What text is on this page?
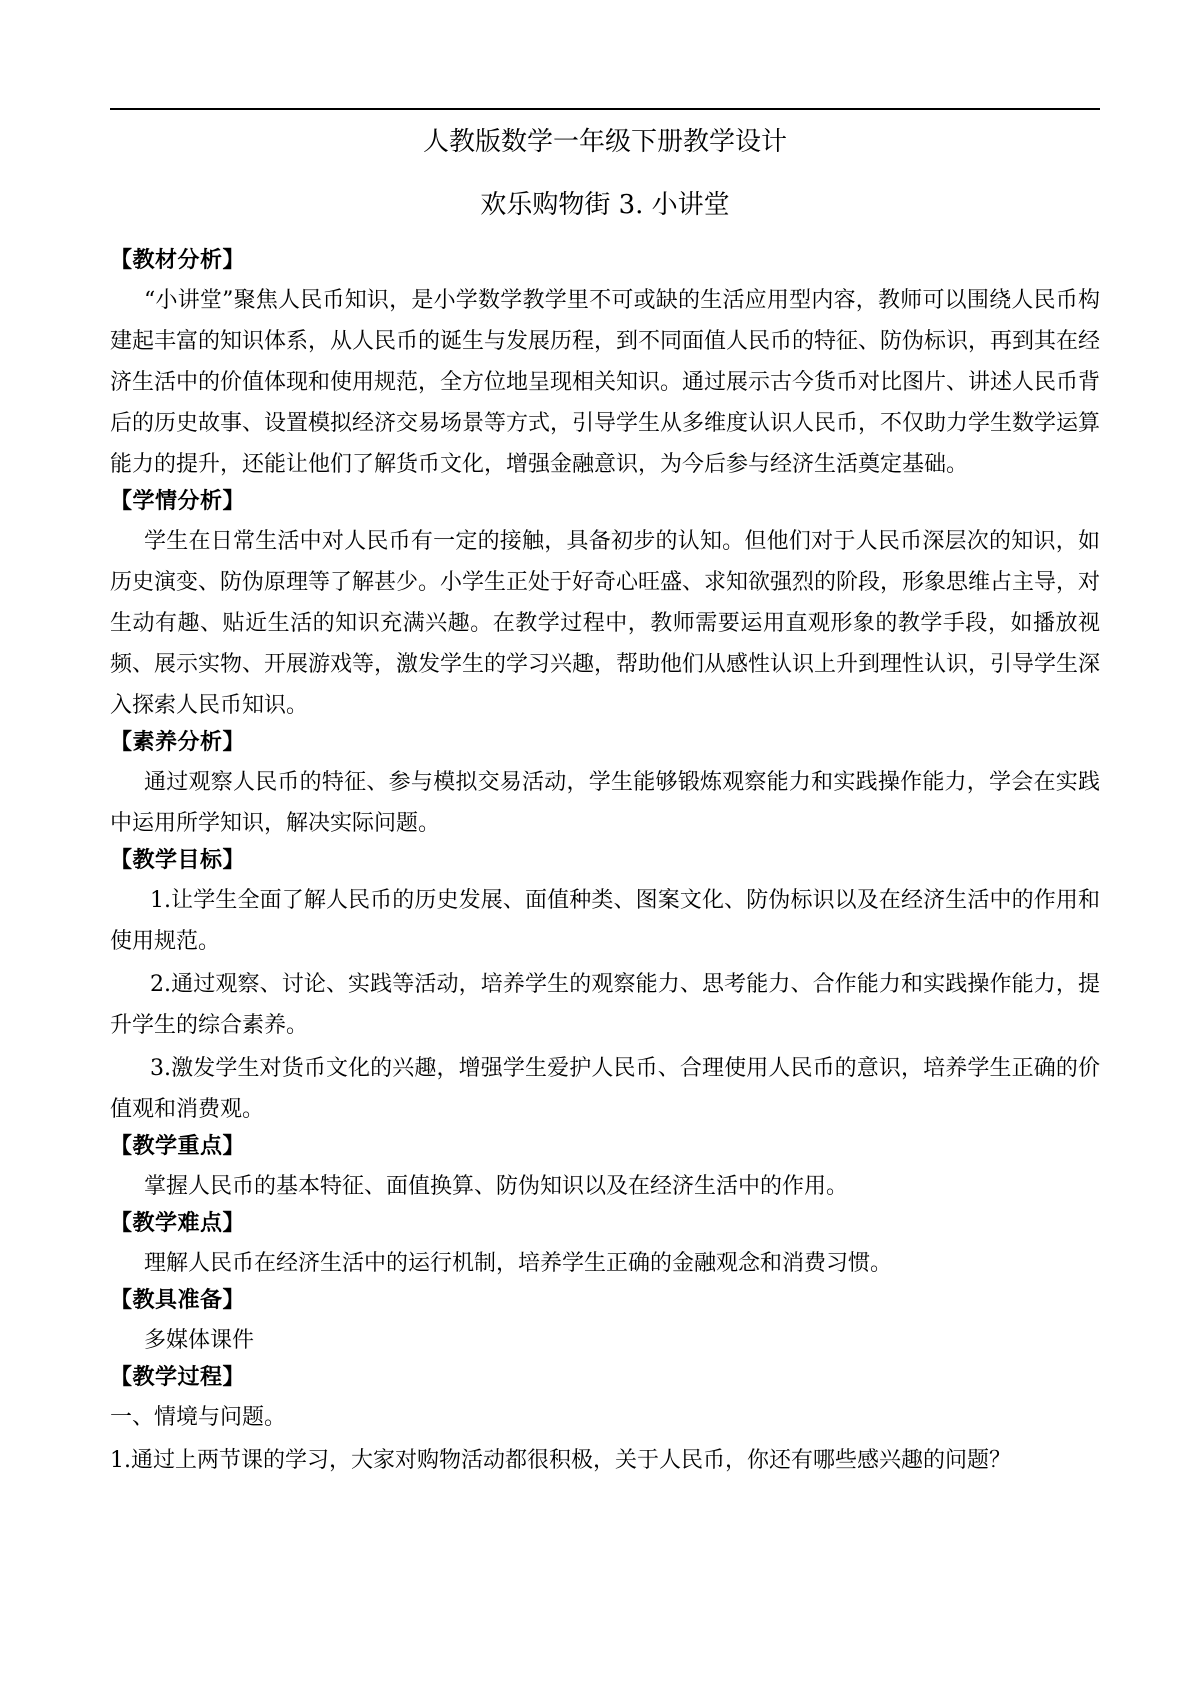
人教版数学一年级下册教学设计
欢乐购物街 3. 小讲堂
【教材分析】

“小讲堂”聚焦人民币知识，是小学数学教学里不可或缺的生活应用型内容，教师可以围绕人民币构建起丰富的知识体系，从人民币的诞生与发展历程，到不同面值人民币的特征、防伪标识，再到其在经济生活中的价值体现和使用规范，全方位地呈现相关知识。通过展示古今货币对比图片、讲述人民币背后的历史故事、设置模拟经济交易场景等方式，引导学生从多维度认识人民币，不仅助力学生数学运算能力的提升，还能让他们了解货币文化，增强金融意识，为今后参与经济生活奠定基础。

【学情分析】

学生在日常生活中对人民币有一定的接触，具备初步的认知。但他们对于人民币深层次的知识，如历史演变、防伪原理等了解甚少。小学生正处于好奇心旺盛、求知欲强烈的阶段，形象思维占主导，对生动有趣、贴近生活的知识充满兴趣。在教学过程中，教师需要运用直观形象的教学手段，如播放视频、展示实物、开展游戏等，激发学生的学习兴趣，帮助他们从感性认识上升到理性认识，引导学生深入探索人民币知识。

【素养分析】

通过观察人民币的特征、参与模拟交易活动，学生能够锻炼观察能力和实践操作能力，学会在实践中运用所学知识，解决实际问题。

【教学目标】

1.让学生全面了解人民币的历史发展、面值种类、图案文化、防伪标识以及在经济生活中的作用和使用规范。

2.通过观察、讨论、实践等活动，培养学生的观察能力、思考能力、合作能力和实践操作能力，提升学生的综合素养。

3.激发学生对货币文化的兴趣，增强学生爱护人民币、合理使用人民币的意识，培养学生正确的价值观和消费观。

【教学重点】

掌握人民币的基本特征、面值换算、防伪知识以及在经济生活中的作用。

【教学难点】

理解人民币在经济生活中的运行机制，培养学生正确的金融观念和消费习惯。

【教具准备】

多媒体课件

【教学过程】

一、情境与问题。

1.通过上两节课的学习，大家对购物活动都很积极，关于人民币，你还有哪些感兴趣的问题？
